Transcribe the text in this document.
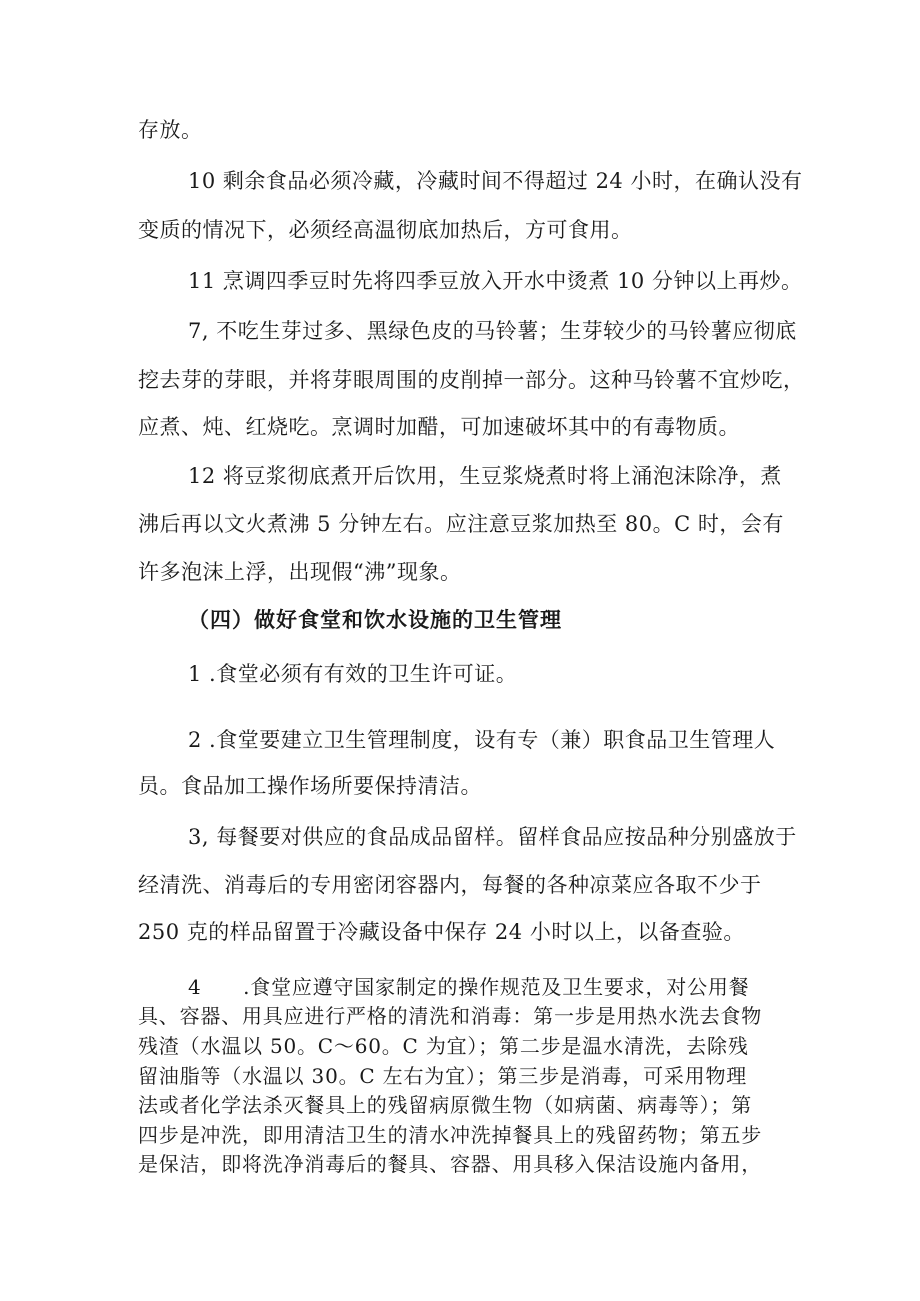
存放。
10 剩余食品必须冷藏，冷藏时间不得超过 24 小时，在确认没有
变质的情况下，必须经高温彻底加热后，方可食用。
11 烹调四季豆时先将四季豆放入开水中烫煮 10 分钟以上再炒。
7, 不吃生芽过多、黑绿色皮的马铃薯；生芽较少的马铃薯应彻底
挖去芽的芽眼，并将芽眼周围的皮削掉一部分。这种马铃薯不宜炒吃，
应煮、炖、红烧吃。烹调时加醋，可加速破坏其中的有毒物质。
12 将豆浆彻底煮开后饮用，生豆浆烧煮时将上涌泡沫除净，煮
沸后再以文火煮沸 5 分钟左右。应注意豆浆加热至 80。C 时，会有
许多泡沫上浮，出现假“沸”现象。
（四）做好食堂和饮水设施的卫生管理
1 .食堂必须有有效的卫生许可证。
2 .食堂要建立卫生管理制度，设有专（兼）职食品卫生管理人
员。食品加工操作场所要保持清洁。
3, 每餐要对供应的食品成品留样。留样食品应按品种分别盛放于
经清洗、消毒后的专用密闭容器内，每餐的各种凉菜应各取不少于
250 克的样品留置于冷藏设备中保存 24 小时以上，以备查验。
4　　.食堂应遵守国家制定的操作规范及卫生要求，对公用餐
具、容器、用具应进行严格的清洗和消毒：第一步是用热水洗去食物
残渣（水温以 50。C～60。C 为宜）；第二步是温水清洗，去除残
留油脂等（水温以 30。C 左右为宜）；第三步是消毒，可采用物理
法或者化学法杀灭餐具上的残留病原微生物（如病菌、病毒等）；第
四步是冲洗，即用清洁卫生的清水冲洗掉餐具上的残留药物；第五步
是保洁，即将洗净消毒后的餐具、容器、用具移入保洁设施内备用，
